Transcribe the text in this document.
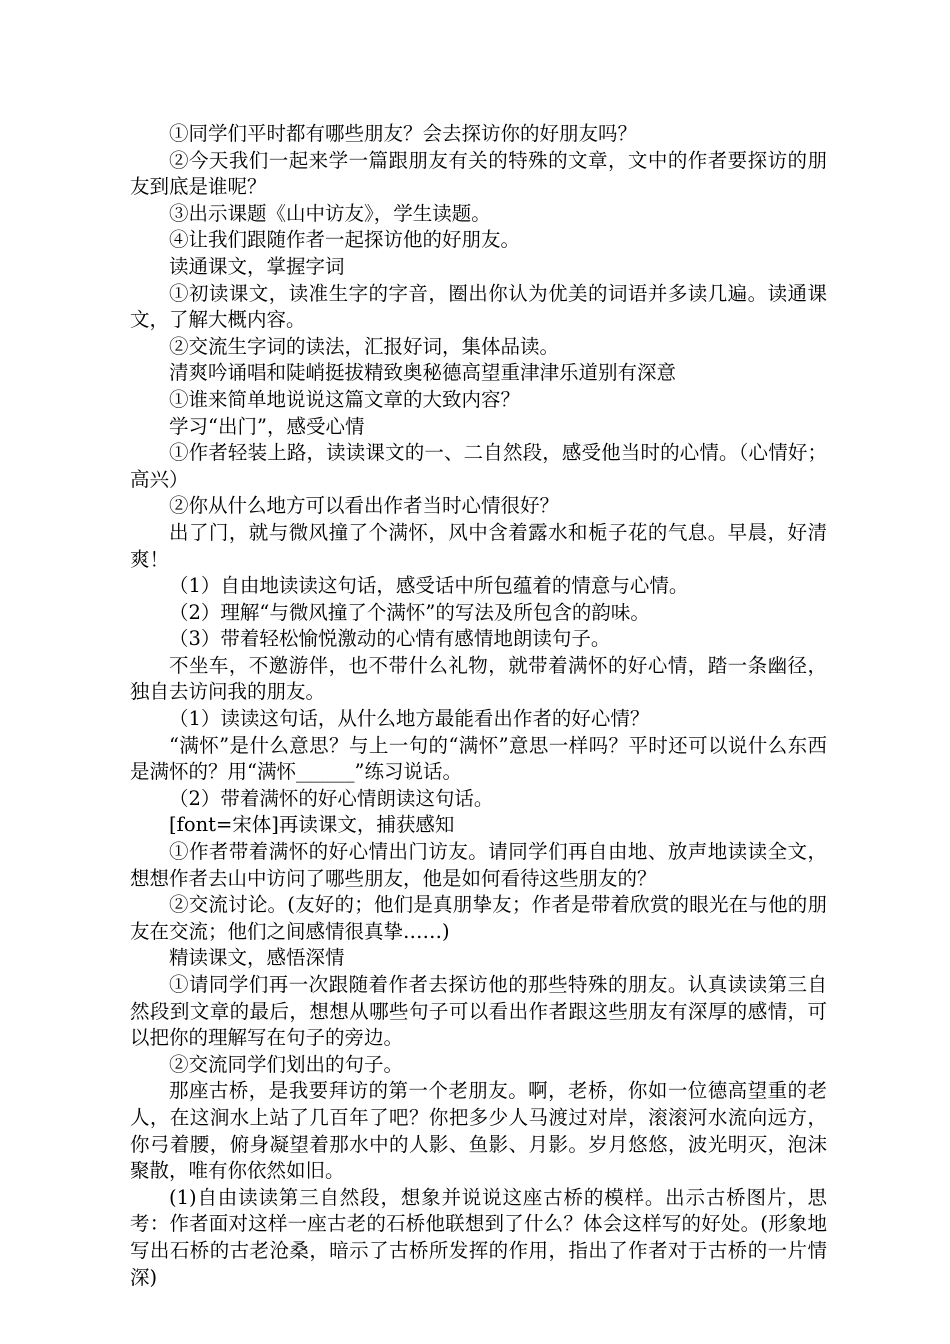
①同学们平时都有哪些朋友？会去探访你的好朋友吗？

②今天我们一起来学一篇跟朋友有关的特殊的文章，文中的作者要探访的朋友到底是谁呢？

③出示课题《山中访友》，学生读题。

④让我们跟随作者一起探访他的好朋友。

读通课文，掌握字词

①初读课文，读准生字的字音，圈出你认为优美的词语并多读几遍。读通课文，了解大概内容。

②交流生字词的读法，汇报好词，集体品读。

清爽吟诵唱和陡峭挺拔精致奥秘德高望重津津乐道别有深意

①谁来简单地说说这篇文章的大致内容？

学习“出门”，感受心情

①作者轻装上路，读读课文的一、二自然段，感受他当时的心情。（心情好；高兴）

②你从什么地方可以看出作者当时心情很好？

出了门，就与微风撞了个满怀，风中含着露水和栀子花的气息。早晨，好清爽！

（1）自由地读读这句话，感受话中所包蕴着的情意与心情。

（2）理解“与微风撞了个满怀”的写法及所包含的韵味。

（3）带着轻松愉悦激动的心情有感情地朗读句子。

不坐车，不邀游伴，也不带什么礼物，就带着满怀的好心情，踏一条幽径，独自去访问我的朋友。

（1）读读这句话，从什么地方最能看出作者的好心情？

“满怀”是什么意思？与上一句的“满怀”意思一样吗？平时还可以说什么东西是满怀的？用“满怀______”练习说话。

（2）带着满怀的好心情朗读这句话。

[font=宋体]再读课文，捕获感知

①作者带着满怀的好心情出门访友。请同学们再自由地、放声地读读全文，想想作者去山中访问了哪些朋友，他是如何看待这些朋友的？

②交流讨论。(友好的；他们是真朋挚友；作者是带着欣赏的眼光在与他的朋友在交流；他们之间感情很真挚……)

精读课文，感悟深情

①请同学们再一次跟随着作者去探访他的那些特殊的朋友。认真读读第三自然段到文章的最后，想想从哪些句子可以看出作者跟这些朋友有深厚的感情，可以把你的理解写在句子的旁边。

②交流同学们划出的句子。

那座古桥，是我要拜访的第一个老朋友。啊，老桥，你如一位德高望重的老人，在这涧水上站了几百年了吧？你把多少人马渡过对岸，滚滚河水流向远方，你弓着腰，俯身凝望着那水中的人影、鱼影、月影。岁月悠悠，波光明灭，泡沫聚散，唯有你依然如旧。

(1)自由读读第三自然段，想象并说说这座古桥的模样。出示古桥图片，思考：作者面对这样一座古老的石桥他联想到了什么？体会这样写的好处。(形象地写出石桥的古老沧桑，暗示了古桥所发挥的作用，指出了作者对于古桥的一片情深)
